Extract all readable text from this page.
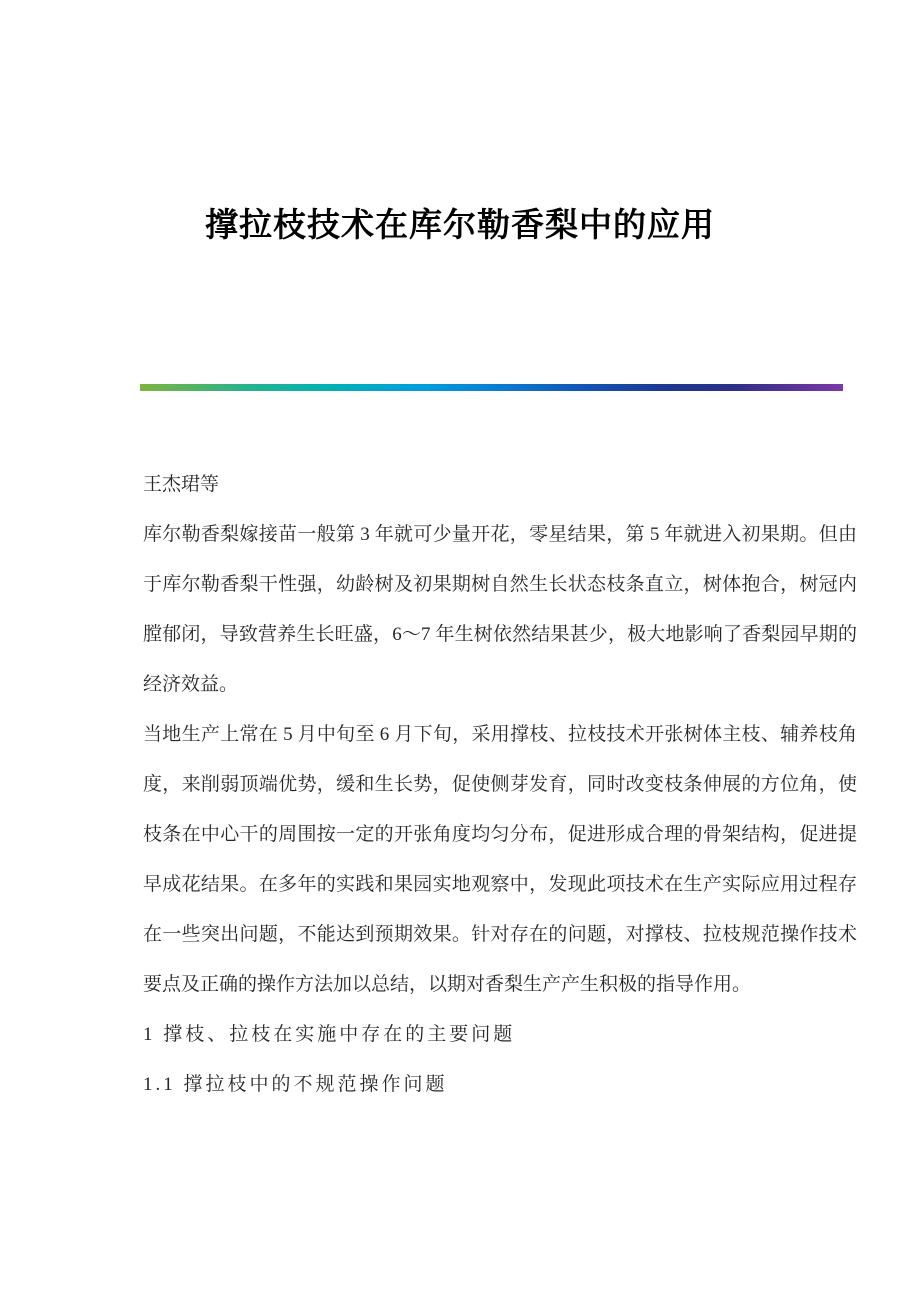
撑拉枝技术在库尔勒香梨中的应用

王杰珺等

库尔勒香梨嫁接苗一般第 3 年就可少量开花，零星结果，第 5 年就进入初果期。但由于库尔勒香梨干性强，幼龄树及初果期树自然生长状态枝条直立，树体抱合，树冠内膛郁闭，导致营养生长旺盛，6～7 年生树依然结果甚少，极大地影响了香梨园早期的经济效益。

当地生产上常在 5 月中旬至 6 月下旬，采用撑枝、拉枝技术开张树体主枝、辅养枝角度，来削弱顶端优势，缓和生长势，促使侧芽发育，同时改变枝条伸展的方位角，使枝条在中心干的周围按一定的开张角度均匀分布，促进形成合理的骨架结构，促进提早成花结果。在多年的实践和果园实地观察中，发现此项技术在生产实际应用过程存在一些突出问题，不能达到预期效果。针对存在的问题，对撑枝、拉枝规范操作技术要点及正确的操作方法加以总结，以期对香梨生产产生积极的指导作用。

1 撑枝、拉枝在实施中存在的主要问题

1.1 撑拉枝中的不规范操作问题
